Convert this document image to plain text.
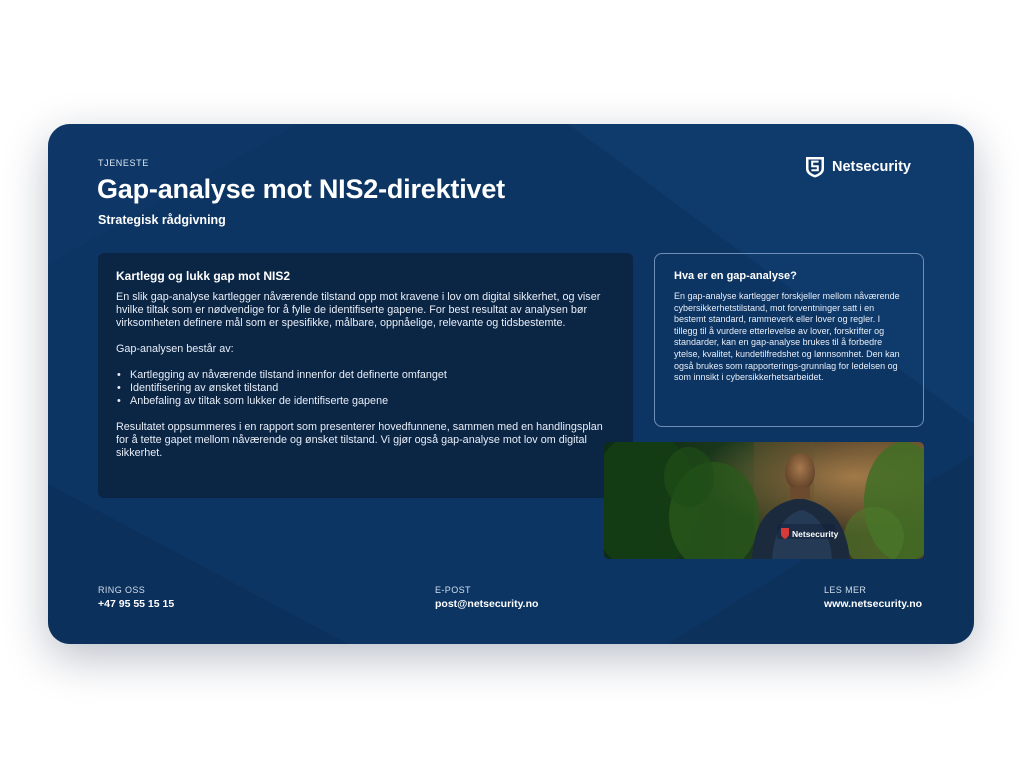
TJENESTE
Gap-analyse mot NIS2-direktivet
Strategisk rådgivning
Netsecurity
Kartlegg og lukk gap mot NIS2

En slik gap-analyse kartlegger nåværende tilstand opp mot kravene i lov om digital sikkerhet, og viser hvilke tiltak som er nødvendige for å fylle de identifiserte gapene. For best resultat av analysen bør virksomheten definere mål som er spesifikke, målbare, oppnåelige, relevante og tidsbestemte.

Gap-analysen består av:

• Kartlegging av nåværende tilstand innenfor det definerte omfanget
• Identifisering av ønsket tilstand
• Anbefaling av tiltak som lukker de identifiserte gapene

Resultatet oppsummeres i en rapport som presenterer hovedfunnene, sammen med en handlingsplan for å tette gapet mellom nåværende og ønsket tilstand. Vi gjør også gap-analyse mot lov om digital sikkerhet.

Hva er en gap-analyse?

En gap-analyse kartlegger forskjeller mellom nåværende cybersikkerhetstilstand, mot forventninger satt i en bestemt standard, rammeverk eller lover og regler. I tillegg til å vurdere etterlevelse av lover, forskrifter og standarder, kan en gap-analyse brukes til å forbedre ytelse, kvalitet, kundetilfredshet og lønnsomhet. Den kan også brukes som rapporterings-grunnlag for ledelsen og som innsikt i cybersikkerhetsarbeidet.

Netsecurity
RING OSS
+47 95 55 15 15
E-POST
post@netsecurity.no
LES MER
www.netsecurity.no
